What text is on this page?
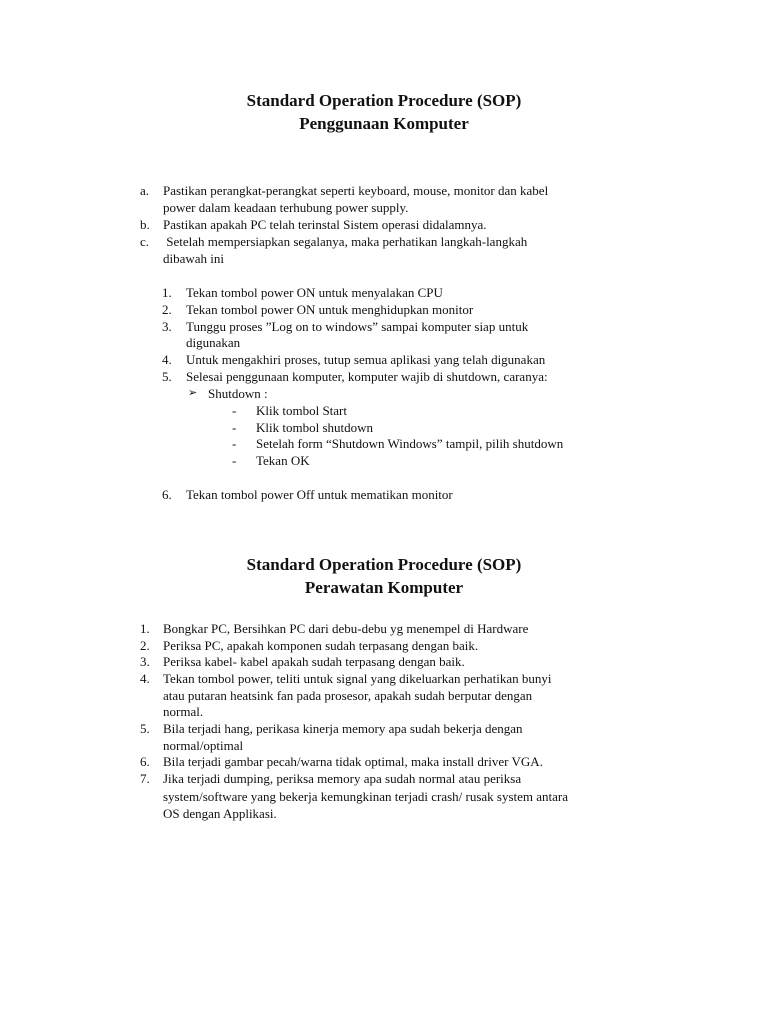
Standard Operation Procedure (SOP)
Penggunaan Komputer
a. Pastikan perangkat-perangkat seperti keyboard, mouse, monitor dan kabel
power dalam keadaan terhubung power supply.
b. Pastikan apakah PC telah terinstal Sistem operasi didalamnya.
c. Setelah mempersiapkan segalanya, maka perhatikan langkah-langkah
dibawah ini
1. Tekan tombol power ON untuk menyalakan CPU
2. Tekan tombol power ON untuk menghidupkan monitor
3. Tunggu proses ”Log on to windows” sampai komputer siap untuk
digunakan
4. Untuk mengakhiri proses, tutup semua aplikasi yang telah digunakan
5. Selesai penggunaan komputer, komputer wajib di shutdown, caranya:
➢ Shutdown :
- Klik tombol Start
- Klik tombol shutdown
- Setelah form “Shutdown Windows” tampil, pilih shutdown
- Tekan OK
6. Tekan tombol power Off untuk mematikan monitor
Standard Operation Procedure (SOP)
Perawatan Komputer
1. Bongkar PC, Bersihkan PC dari debu-debu yg menempel di Hardware
2. Periksa PC, apakah komponen sudah terpasang dengan baik.
3. Periksa kabel- kabel apakah sudah terpasang dengan baik.
4. Tekan tombol power, teliti untuk signal yang dikeluarkan perhatikan bunyi
atau putaran heatsink fan pada prosesor, apakah sudah berputar dengan
normal.
5. Bila terjadi hang, perikasa kinerja memory apa sudah bekerja dengan
normal/optimal
6. Bila terjadi gambar pecah/warna tidak optimal, maka install driver VGA.
7. Jika terjadi dumping, periksa memory apa sudah normal atau periksa
system/software yang bekerja kemungkinan terjadi crash/ rusak system antara
OS dengan Applikasi.
